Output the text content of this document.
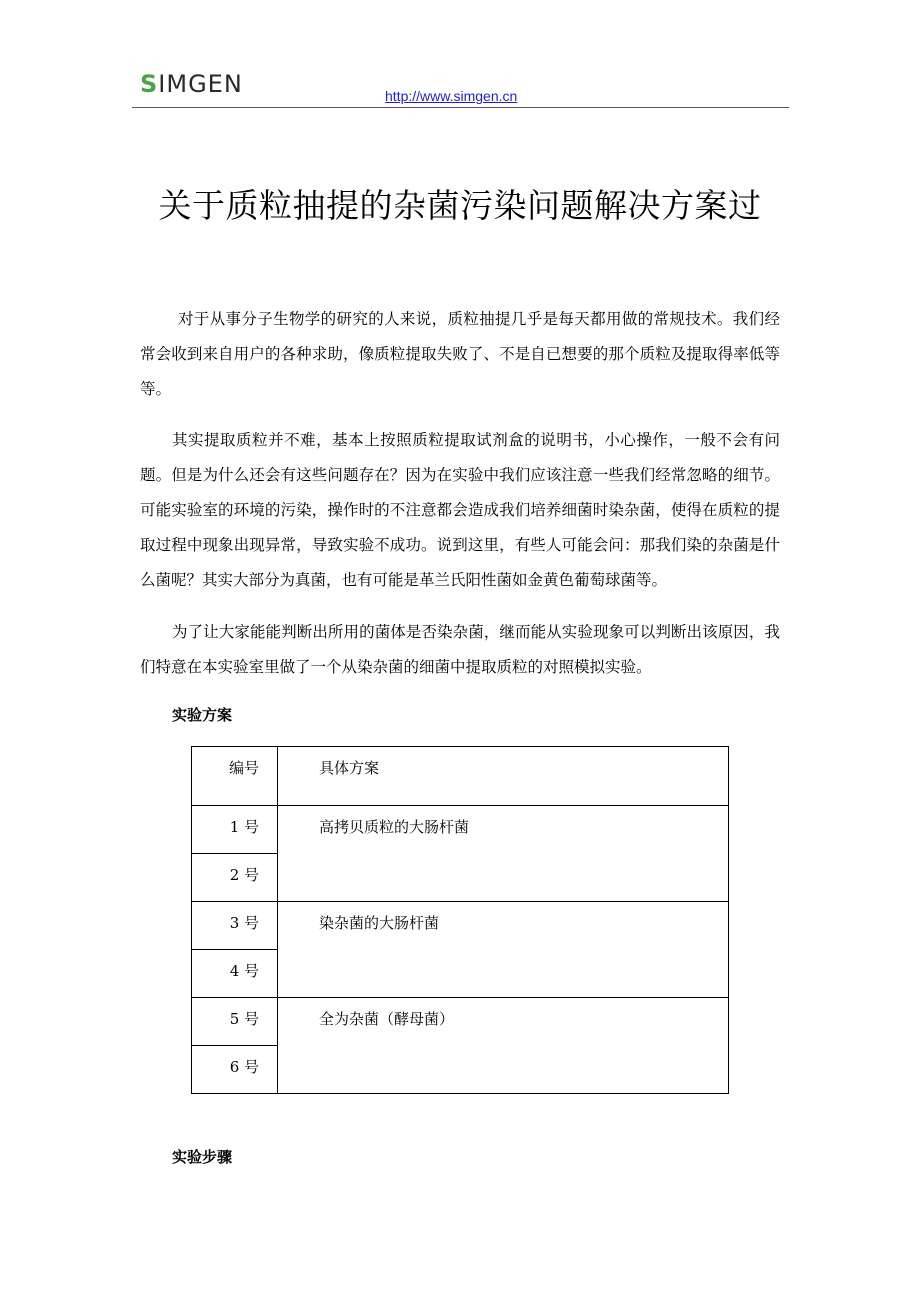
SIMGEN	http://www.simgen.cn
关于质粒抽提的杂菌污染问题解决方案过

对于从事分子生物学的研究的人来说，质粒抽提几乎是每天都用做的常规技术。我们经常会收到来自用户的各种求助，像质粒提取失败了、不是自已想要的那个质粒及提取得率低等等。

其实提取质粒并不难，基本上按照质粒提取试剂盒的说明书，小心操作，一般不会有问题。但是为什么还会有这些问题存在？因为在实验中我们应该注意一些我们经常忽略的细节。可能实验室的环境的污染，操作时的不注意都会造成我们培养细菌时染杂菌，使得在质粒的提取过程中现象出现异常，导致实验不成功。说到这里，有些人可能会问：那我们染的杂菌是什么菌呢？其实大部分为真菌，也有可能是革兰氏阳性菌如金黄色葡萄球菌等。

为了让大家能能判断出所用的菌体是否染杂菌，继而能从实验现象可以判断出该原因，我们特意在本实验室里做了一个从染杂菌的细菌中提取质粒的对照模拟实验。

实验方案

编号	具体方案
1 号	高拷贝质粒的大肠杆菌
2 号	
3 号	染杂菌的大肠杆菌
4 号	
5 号	全为杂菌（酵母菌）
6 号	

实验步骤
